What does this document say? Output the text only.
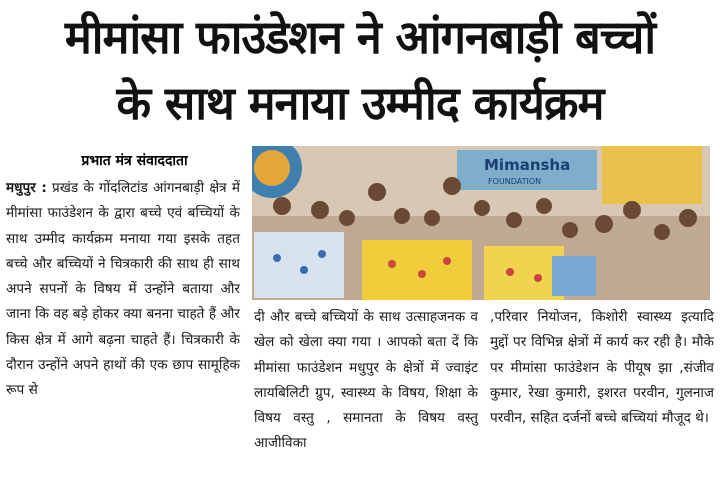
मीमांसा फाउंडेशन ने आंगनबाड़ी बच्चों
के साथ मनाया उम्मीद कार्यक्रम
प्रभात मंत्र संवाददाता

मधुपुर : प्रखंड के गोंदलिटांड आंगनबाड़ी क्षेत्र में मीमांसा फाउंडेशन के द्वारा बच्चे एवं बच्चियों के साथ उम्मीद कार्यक्रम मनाया गया इसके तहत बच्चे और बच्चियों ने चित्रकारी की साथ ही साथ अपने सपनों के विषय में उन्होंने बताया और जाना कि वह बड़े होकर क्या बनना चाहते हैं और किस क्षेत्र में आगे बढ़ना चाहते हैं। चित्रकारी के दौरान उन्होंने अपने हाथों की एक छाप सामूहिक रूप से

Mimansha
FOUNDATION

दी और बच्चे बच्चियों के साथ उत्साहजनक व खेल को खेला क्या गया । आपको बता दें कि मीमांसा फाउंडेशन मधुपुर के क्षेत्रों में ज्वाइंट लायबिलिटी ग्रुप, स्वास्थ्य के विषय, शिक्षा के विषय वस्तु , समानता के विषय वस्तु आजीविका

,परिवार नियोजन, किशोरी स्वास्थ्य इत्यादि मुद्दों पर विभिन्न क्षेत्रों में कार्य कर रही है। मौके पर मीमांसा फाउंडेशन के पीयूष झा ,संजीव कुमार, रेखा कुमारी, इशरत परवीन, गुलनाज परवीन, सहित दर्जनों बच्चे बच्चियां मौजूद थे।
